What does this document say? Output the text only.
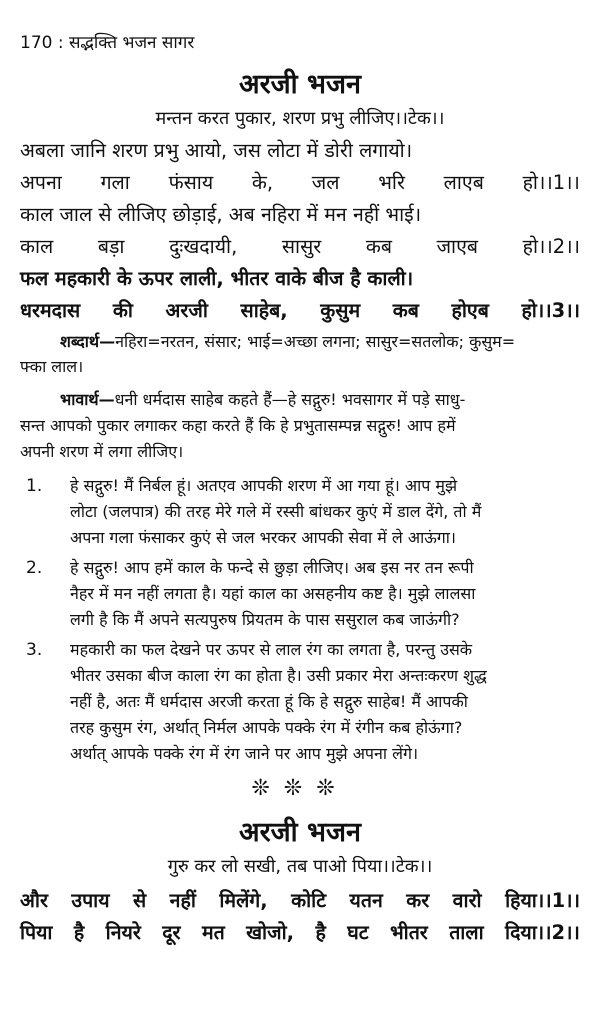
170 : सद्भक्ति भजन सागर
अरजी भजन
मन्तन करत पुकार, शरण प्रभु लीजिए।।टेक।।
अबला जानि शरण प्रभु आयो, जस लोटा में डोरी लगायो।
अपना गला फंसाय के, जल भरि लाएब हो।।1।।
काल जाल से लीजिए छोड़ाई, अब नहिरा में मन नहीं भाई।
काल बड़ा दुःखदायी, सासुर कब जाएब हो।।2।।
फल महकारी के ऊपर लाली, भीतर वाके बीज है काली।
धरमदास की अरजी साहेब, कुसुम कब होएब हो।।3।।
शब्दार्थ—नहिरा=नरतन, संसार; भाई=अच्छा लगना; सासुर=सतलोक; कुसुम=
फ्का लाल।
भावार्थ—धनी धर्मदास साहेब कहते हैं—हे सद्गुरु! भवसागर में पड़े साधु-
सन्त आपको पुकार लगाकर कहा करते हैं कि हे प्रभुतासम्पन्न सद्गुरु! आप हमें
अपनी शरण में लगा लीजिए।
1. हे सद्गुरु! मैं निर्बल हूं। अतएव आपकी शरण में आ गया हूं। आप मुझे
लोटा (जलपात्र) की तरह मेरे गले में रस्सी बांधकर कुएं में डाल देंगे, तो मैं
अपना गला फंसाकर कुएं से जल भरकर आपकी सेवा में ले आऊंगा।
2. हे सद्गुरु! आप हमें काल के फन्दे से छुड़ा लीजिए। अब इस नर तन रूपी
नैहर में मन नहीं लगता है। यहां काल का असहनीय कष्ट है। मुझे लालसा
लगी है कि मैं अपने सत्यपुरुष प्रियतम के पास ससुराल कब जाऊंगी?
3. महकारी का फल देखने पर ऊपर से लाल रंग का लगता है, परन्तु उसके
भीतर उसका बीज काला रंग का होता है। उसी प्रकार मेरा अन्तःकरण शुद्ध
नहीं है, अतः मैं धर्मदास अरजी करता हूं कि हे सद्गुरु साहेब! मैं आपकी
तरह कुसुम रंग, अर्थात् निर्मल आपके पक्के रंग में रंगीन कब होऊंगा?
अर्थात् आपके पक्के रंग में रंग जाने पर आप मुझे अपना लेंगे।
❊❊❊
अरजी भजन
गुरु कर लो सखी, तब पाओ पिया।।टेक।।
और उपाय से नहीं मिलेंगे, कोटि यतन कर वारो हिया।।1।।
पिया है नियरे दूर मत खोजो, है घट भीतर ताला दिया।।2।।
